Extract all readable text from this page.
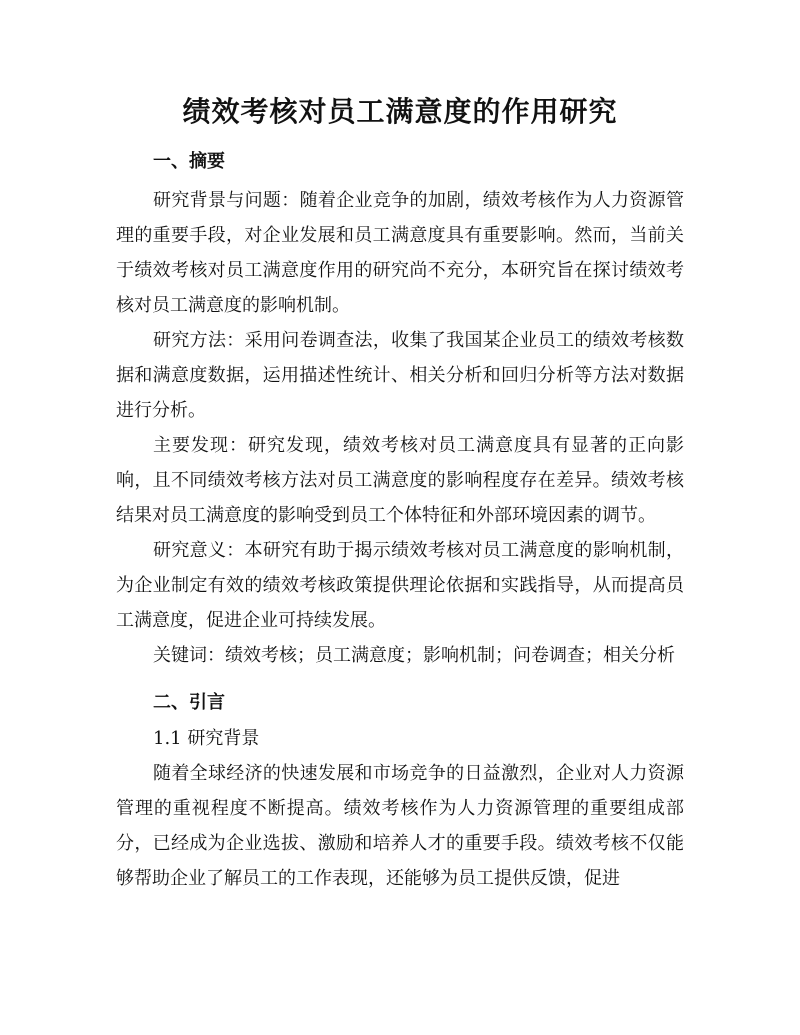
绩效考核对员工满意度的作用研究
一、摘要

研究背景与问题：随着企业竞争的加剧，绩效考核作为人力资源管理的重要手段，对企业发展和员工满意度具有重要影响。然而，当前关于绩效考核对员工满意度作用的研究尚不充分，本研究旨在探讨绩效考核对员工满意度的影响机制。

研究方法：采用问卷调查法，收集了我国某企业员工的绩效考核数据和满意度数据，运用描述性统计、相关分析和回归分析等方法对数据进行分析。

主要发现：研究发现，绩效考核对员工满意度具有显著的正向影响，且不同绩效考核方法对员工满意度的影响程度存在差异。绩效考核结果对员工满意度的影响受到员工个体特征和外部环境因素的调节。

研究意义：本研究有助于揭示绩效考核对员工满意度的影响机制，为企业制定有效的绩效考核政策提供理论依据和实践指导，从而提高员工满意度，促进企业可持续发展。

关键词：绩效考核；员工满意度；影响机制；问卷调查；相关分析

二、引言
1.1 研究背景

随着全球经济的快速发展和市场竞争的日益激烈，企业对人力资源管理的重视程度不断提高。绩效考核作为人力资源管理的重要组成部分，已经成为企业选拔、激励和培养人才的重要手段。绩效考核不仅能够帮助企业了解员工的工作表现，还能够为员工提供反馈，促进
